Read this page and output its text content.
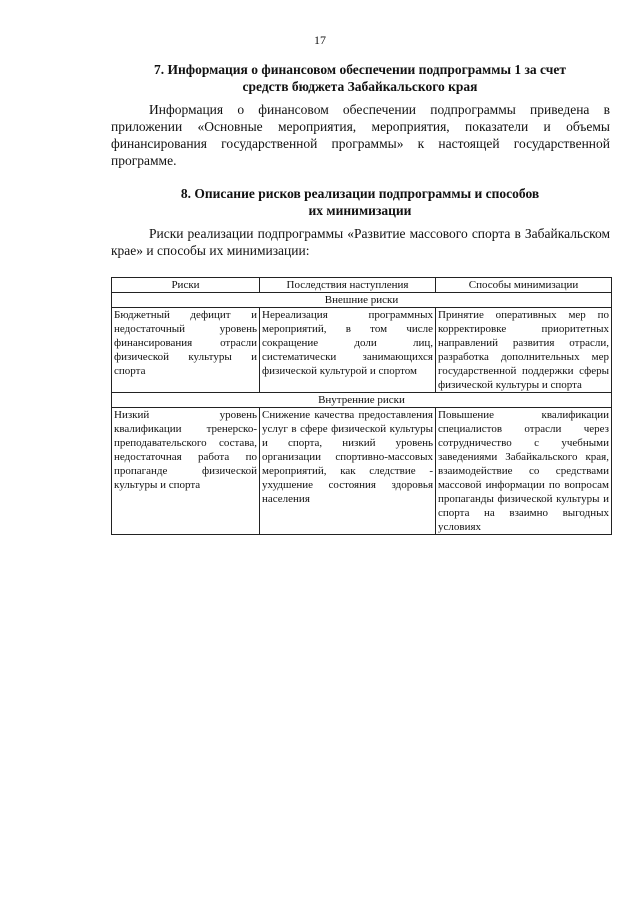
17
7. Информация о финансовом обеспечении подпрограммы 1 за счет
средств бюджета Забайкальского края
Информация о финансовом обеспечении подпрограммы приведена в приложении «Основные мероприятия, мероприятия, показатели и объемы финансирования государственной программы» к настоящей государственной программе.
8. Описание рисков реализации подпрограммы и способов
их минимизации
Риски реализации подпрограммы «Развитие массового спорта в Забайкальском крае» и способы их минимизации:
Риски	Последствия наступления	Способы минимизации
Внешние риски		
Бюджетный дефицит и недостаточный уровень финансирования отрасли физической культуры и спорта	Нереализация программных мероприятий, в том числе сокращение доли лиц, систематически занимающихся физической культурой и спортом	Принятие оперативных мер по корректировке приоритетных направлений развития отрасли, разработка дополнительных мер государственной поддержки сферы физической культуры и спорта
Внутренние риски		
Низкий уровень квалификации тренерско-преподавательского состава, недостаточная работа по пропаганде физической культуры и спорта	Снижение качества предоставления услуг в сфере физической культуры и спорта, низкий уровень организации спортивно-массовых мероприятий, как следствие - ухудшение состояния здоровья населения	Повышение квалификации специалистов отрасли через сотрудничество с учебными заведениями Забайкальского края, взаимодействие со средствами массовой информации по вопросам пропаганды физической культуры и спорта на взаимно выгодных условиях
